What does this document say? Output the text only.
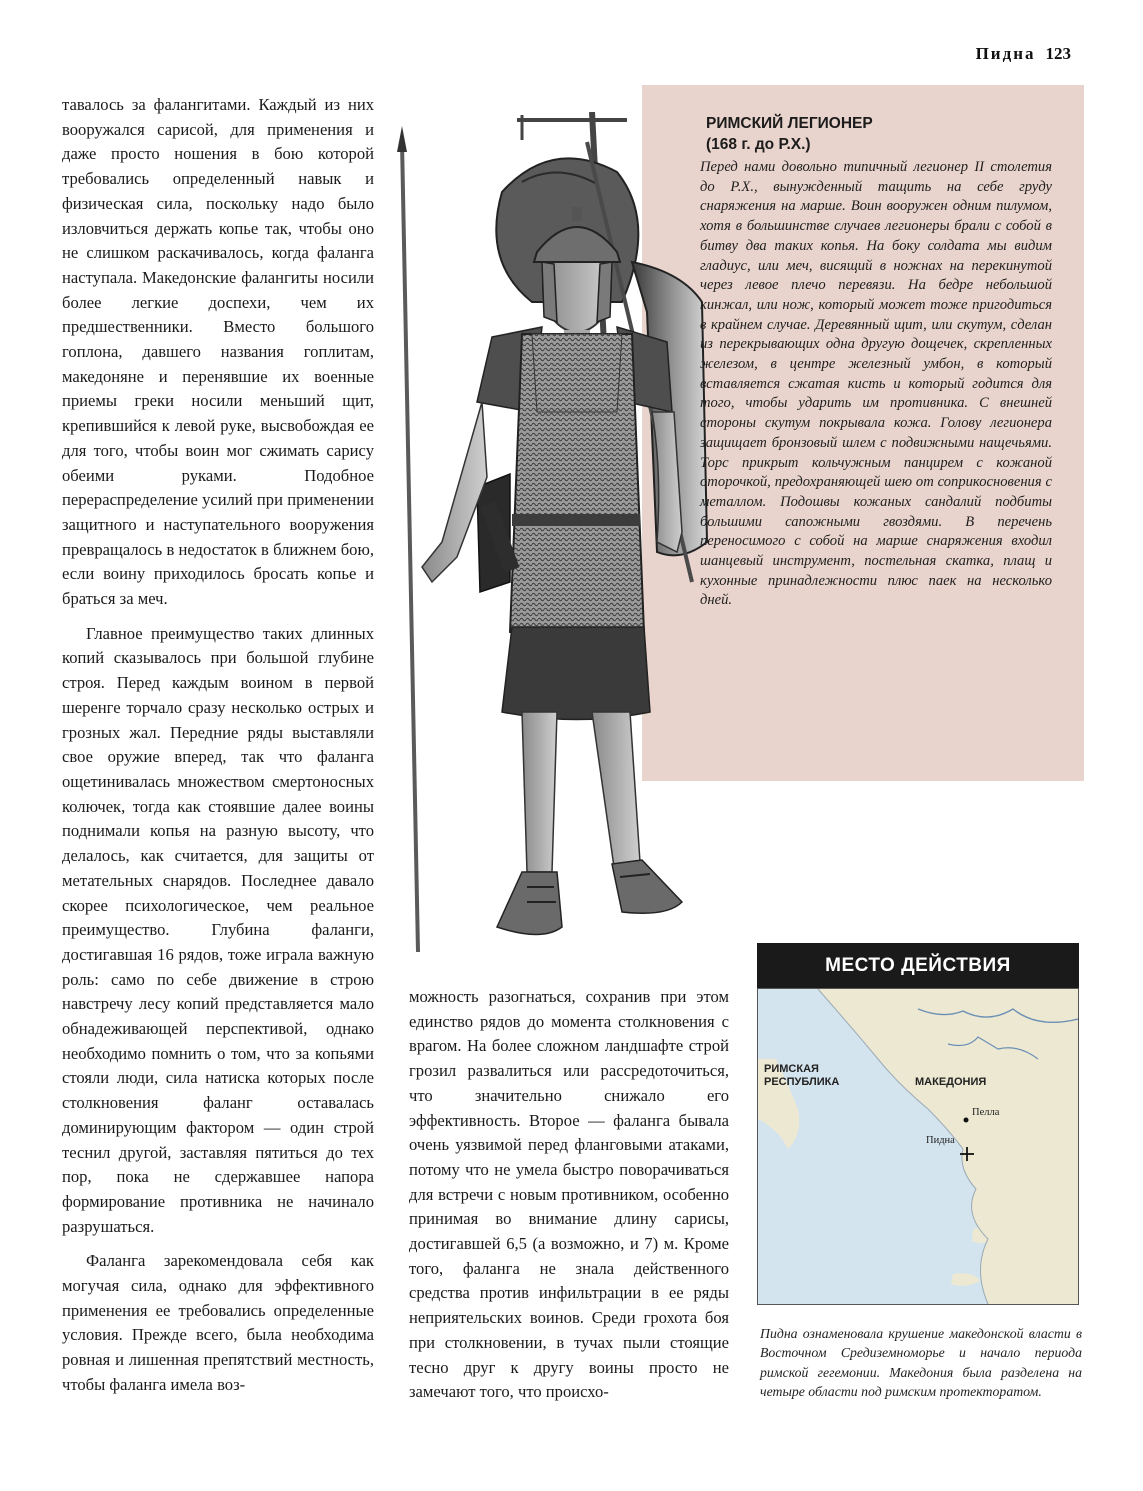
Пидна 123

тавалось за фалангитами. Каждый из них вооружался сарисой, для применения и даже просто ношения в бою которой требовались определенный навык и физическая сила, поскольку надо было изловчиться держать копье так, чтобы оно не слишком раскачивалось, когда фаланга наступала. Македонские фалангиты носили более легкие доспехи, чем их предшественники. Вместо большого гоплона, давшего названия гоплитам, македоняне и перенявшие их военные приемы греки носили меньший щит, крепившийся к левой руке, высвобождая ее для того, чтобы воин мог сжимать сарису обеими руками. Подобное перераспределение усилий при применении защитного и наступательного вооружения превращалось в недостаток в ближнем бою, если воину приходилось бросать копье и браться за меч.

Главное преимущество таких длинных копий сказывалось при большой глубине строя. Перед каждым воином в первой шеренге торчало сразу несколько острых и грозных жал. Передние ряды выставляли свое оружие вперед, так что фаланга ощетинивалась множеством смертоносных колючек, тогда как стоявшие далее воины поднимали копья на разную высоту, что делалось, как считается, для защиты от метательных снарядов. Последнее давало скорее психологическое, чем реальное преимущество. Глубина фаланги, достигавшая 16 рядов, тоже играла важную роль: само по себе движение в строю навстречу лесу копий представляется мало обнадеживающей перспективой, однако необходимо помнить о том, что за копьями стояли люди, сила натиска которых после столкновения фаланг оставалась доминирующим фактором — один строй теснил другой, заставляя пятиться до тех пор, пока не сдержавшее напора формирование противника не начинало разрушаться.

Фаланга зарекомендовала себя как могучая сила, однако для эффективного применения ее требовались определенные условия. Прежде всего, была необходима ровная и лишенная препятствий местность, чтобы фаланга имела воз-

РИМСКИЙ ЛЕГИОНЕР
(168 г. до Р.Х.)
Перед нами довольно типичный легионер II столетия до Р.Х., вынужденный тащить на себе груду снаряжения на марше. Воин вооружен одним пилумом, хотя в большинстве случаев легионеры брали с собой в битву два таких копья. На боку солдата мы видим гладиус, или меч, висящий в ножнах на перекинутой через левое плечо перевязи. На бедре небольшой кинжал, или нож, который может тоже пригодиться в крайнем случае. Деревянный щит, или скутум, сделан из перекрывающих одна другую дощечек, скрепленных железом, в центре железный умбон, в который вставляется сжатая кисть и который годится для того, чтобы ударить им противника. С внешней стороны скутум покрывала кожа. Голову легионера защищает бронзовый шлем с подвижными нащечьями. Торс прикрыт кольчужным панцирем с кожаной оторочкой, предохраняющей шею от соприкосновения с металлом. Подошвы кожаных сандалий подбиты большими сапожными гвоздями. В перечень переносимого с собой на марше снаряжения входил шанцевый инструмент, постельная скатка, плащ и кухонные принадлежности плюс паек на несколько дней.

можность разогнаться, сохранив при этом единство рядов до момента столкновения с врагом. На более сложном ландшафте строй грозил развалиться или рассредоточиться, что значительно снижало его эффективность. Второе — фаланга бывала очень уязвимой перед фланговыми атаками, потому что не умела быстро поворачиваться для встречи с новым противником, особенно принимая во внимание длину сарисы, достигавшей 6,5 (а возможно, и 7) м. Кроме того, фаланга не знала действенного средства против инфильтрации в ее ряды неприятельских воинов. Среди грохота боя при столкновении, в тучах пыли стоящие тесно друг к другу воины просто не замечают того, что происхо-

МЕСТО ДЕЙСТВИЯ
РИМСКАЯ
РЕСПУБЛИКА	МАКЕДОНИЯ
Пелла
Пидна
Пидна ознаменовала крушение македонской власти в Восточном Средиземноморье и начало периода римской гегемонии. Македония была разделена на четыре области под римским протекторатом.
